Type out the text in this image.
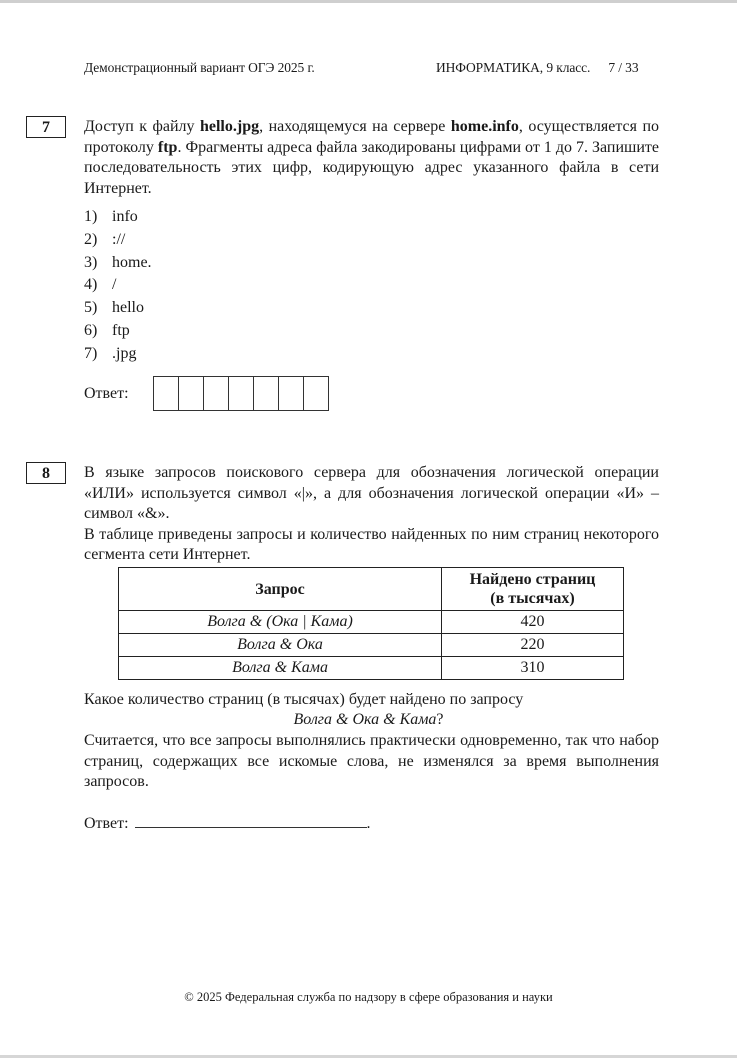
Демонстрационный вариант ОГЭ 2025 г.	ИНФОРМАТИКА, 9 класс. 7 / 33
7	Доступ к файлу hello.jpg, находящемуся на сервере home.info, осуществляется по протоколу ftp. Фрагменты адреса файла закодированы цифрами от 1 до 7. Запишите последовательность этих цифр, кодирующую адрес указанного файла в сети Интернет.
1) info
2) ://
3) home.
4) /
5) hello
6) ftp
7) .jpg
Ответ:
8	В языке запросов поискового сервера для обозначения логической операции «ИЛИ» используется символ «|», а для обозначения логической операции «И» – символ «&».
В таблице приведены запросы и количество найденных по ним страниц некоторого сегмента сети Интернет.
Запрос	Найдено страниц
(в тысячах)
Волга & (Ока | Кама)	420
Волга & Ока	220
Волга & Кама	310
Какое количество страниц (в тысячах) будет найдено по запросу
Волга & Ока & Кама?
Считается, что все запросы выполнялись практически одновременно, так что набор страниц, содержащих все искомые слова, не изменялся за время выполнения запросов.
Ответ:	.
© 2025 Федеральная служба по надзору в сфере образования и науки
